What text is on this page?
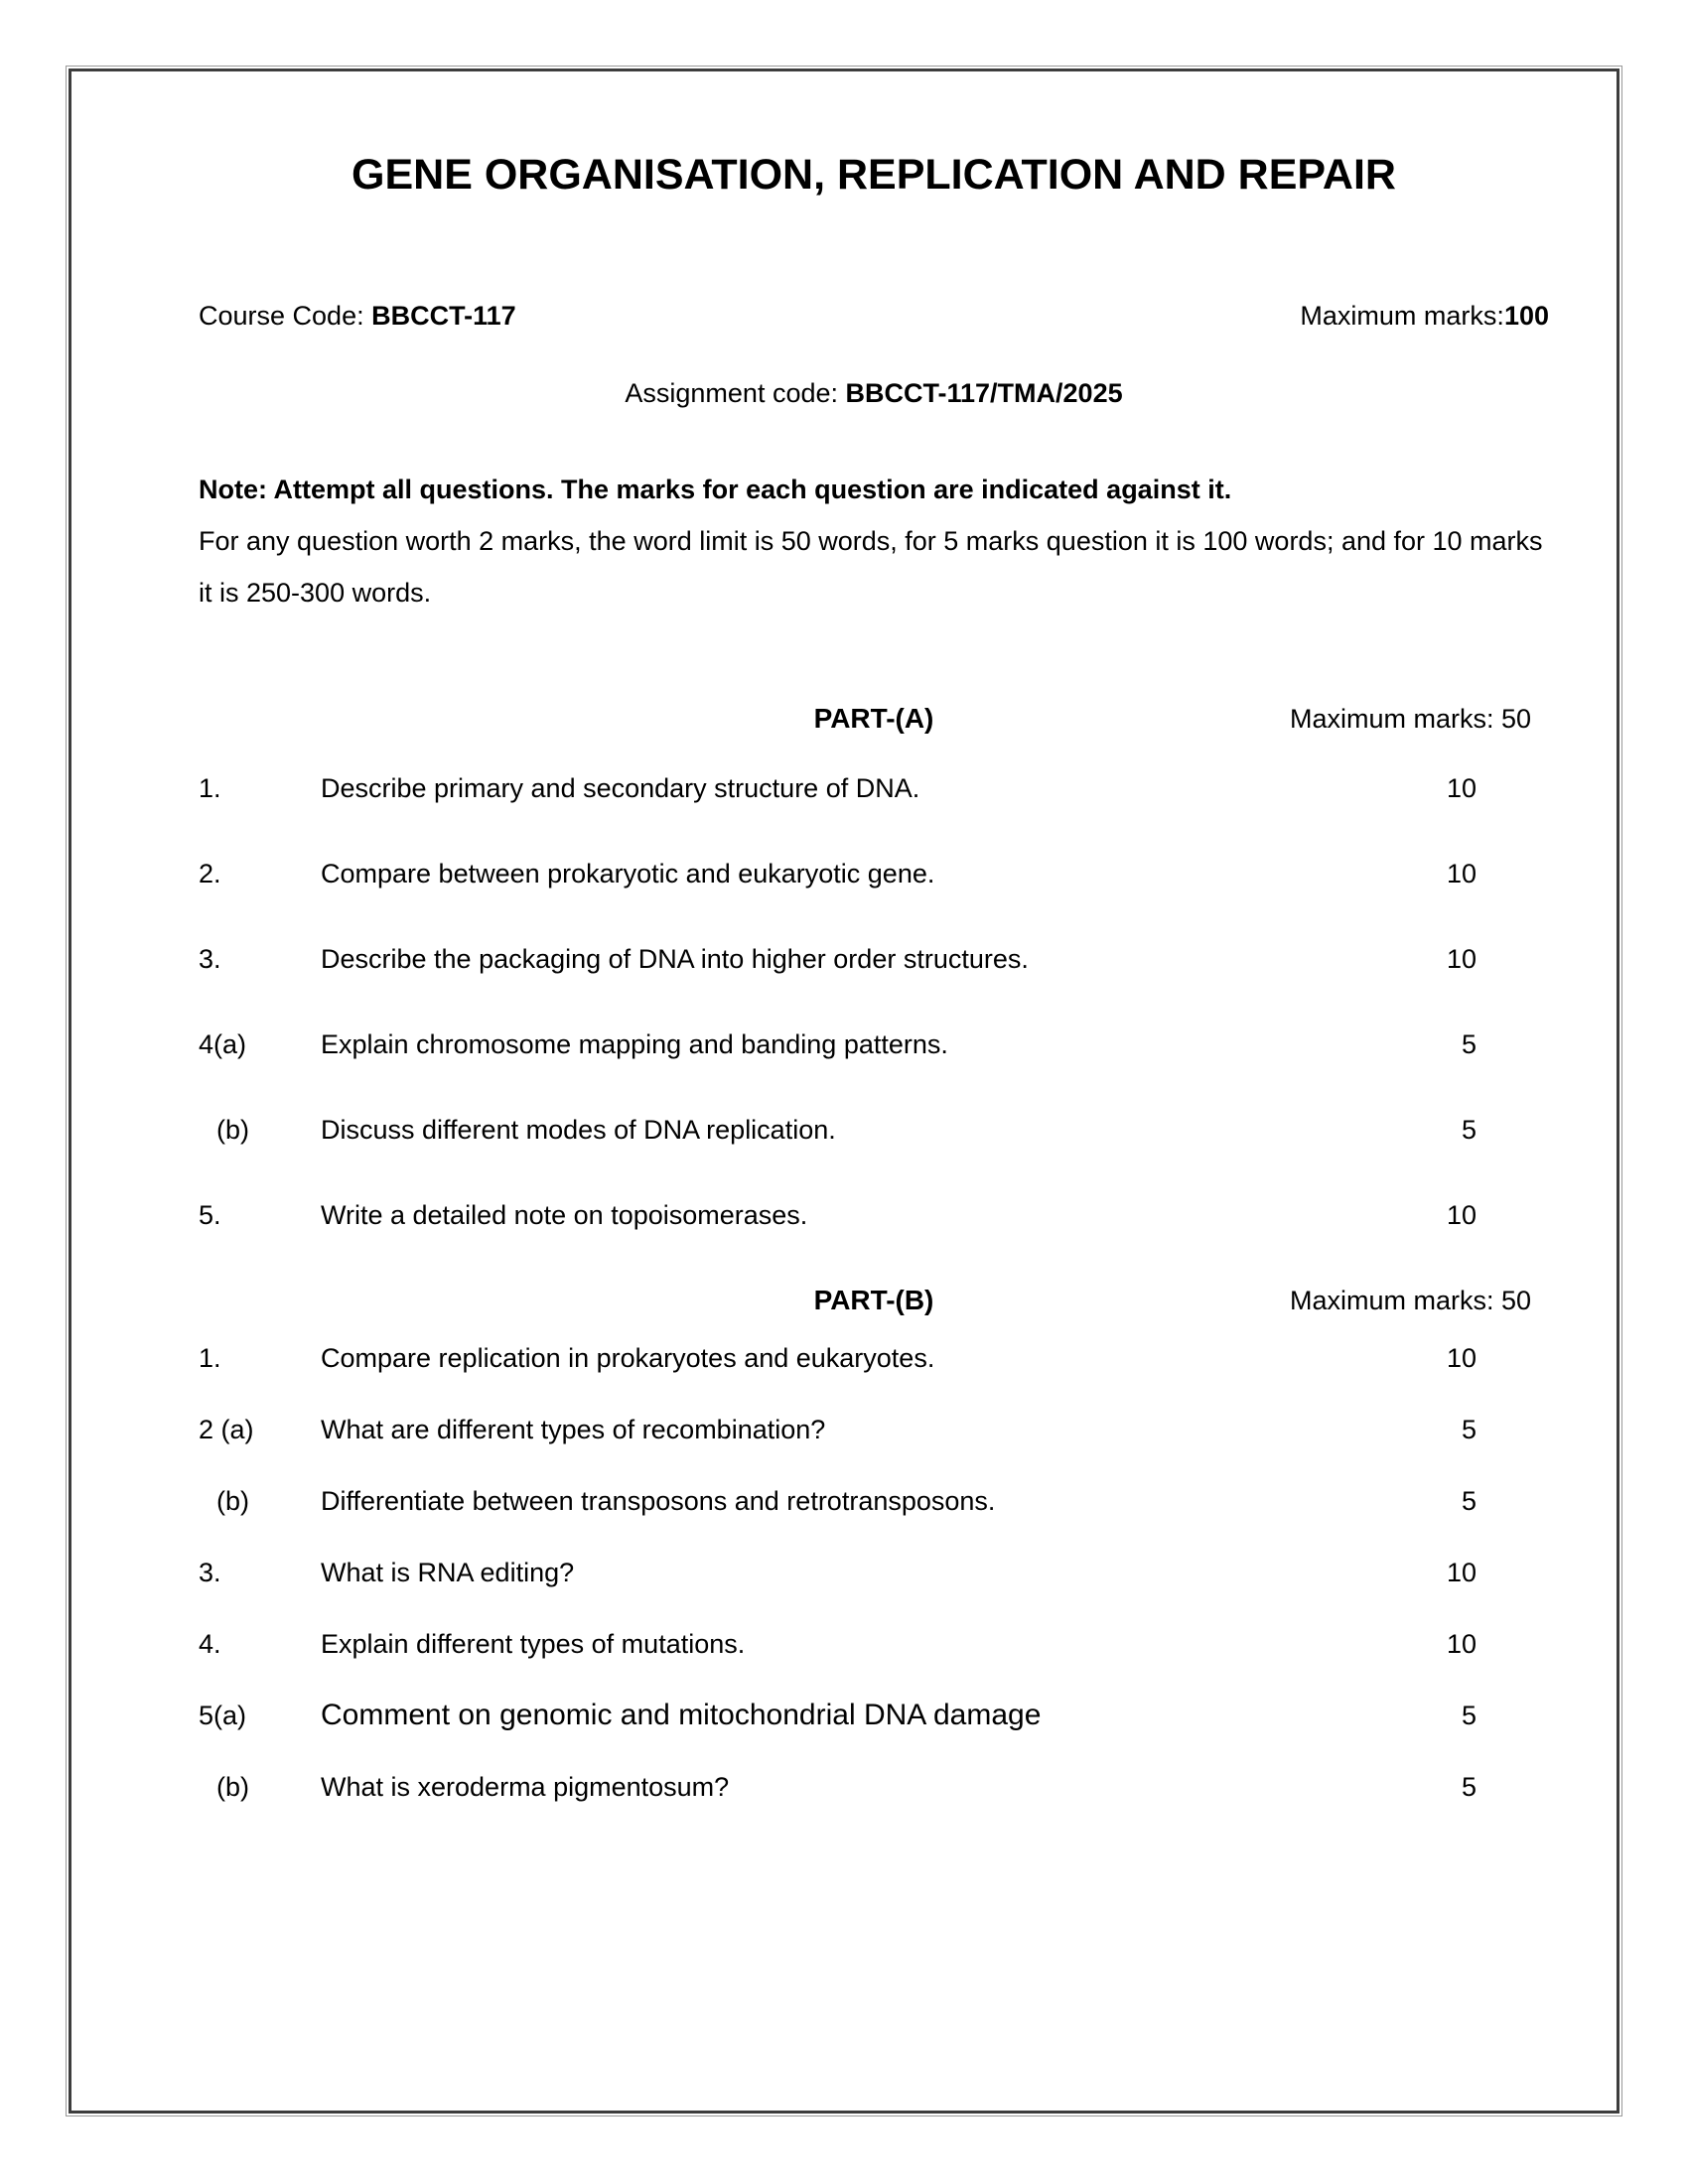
GENE ORGANISATION, REPLICATION AND REPAIR
Course Code: BBCCT-117	Maximum marks:100
Assignment code: BBCCT-117/TMA/2025

Note: Attempt all questions. The marks for each question are indicated against it.

For any question worth 2 marks, the word limit is 50 words, for 5 marks question it is 100 words; and for 10 marks it is 250-300 words.

PART-(A)	Maximum marks: 50
1.	Describe primary and secondary structure of DNA.	10
2.	Compare between prokaryotic and eukaryotic gene.	10
3.	Describe the packaging of DNA into higher order structures.	10
4(a)	Explain chromosome mapping and banding patterns.	5
(b)	Discuss different modes of DNA replication.	5
5.	Write a detailed note on topoisomerases.	10
PART-(B)	Maximum marks: 50
1.	Compare replication in prokaryotes and eukaryotes.	10
2 (a)	What are different types of recombination?	5
(b)	Differentiate between transposons and retrotransposons.	5
3.	What is RNA editing?	10
4.	Explain different types of mutations.	10
5(a)	Comment on genomic and mitochondrial DNA damage	5
(b)	What is xeroderma pigmentosum?	5
